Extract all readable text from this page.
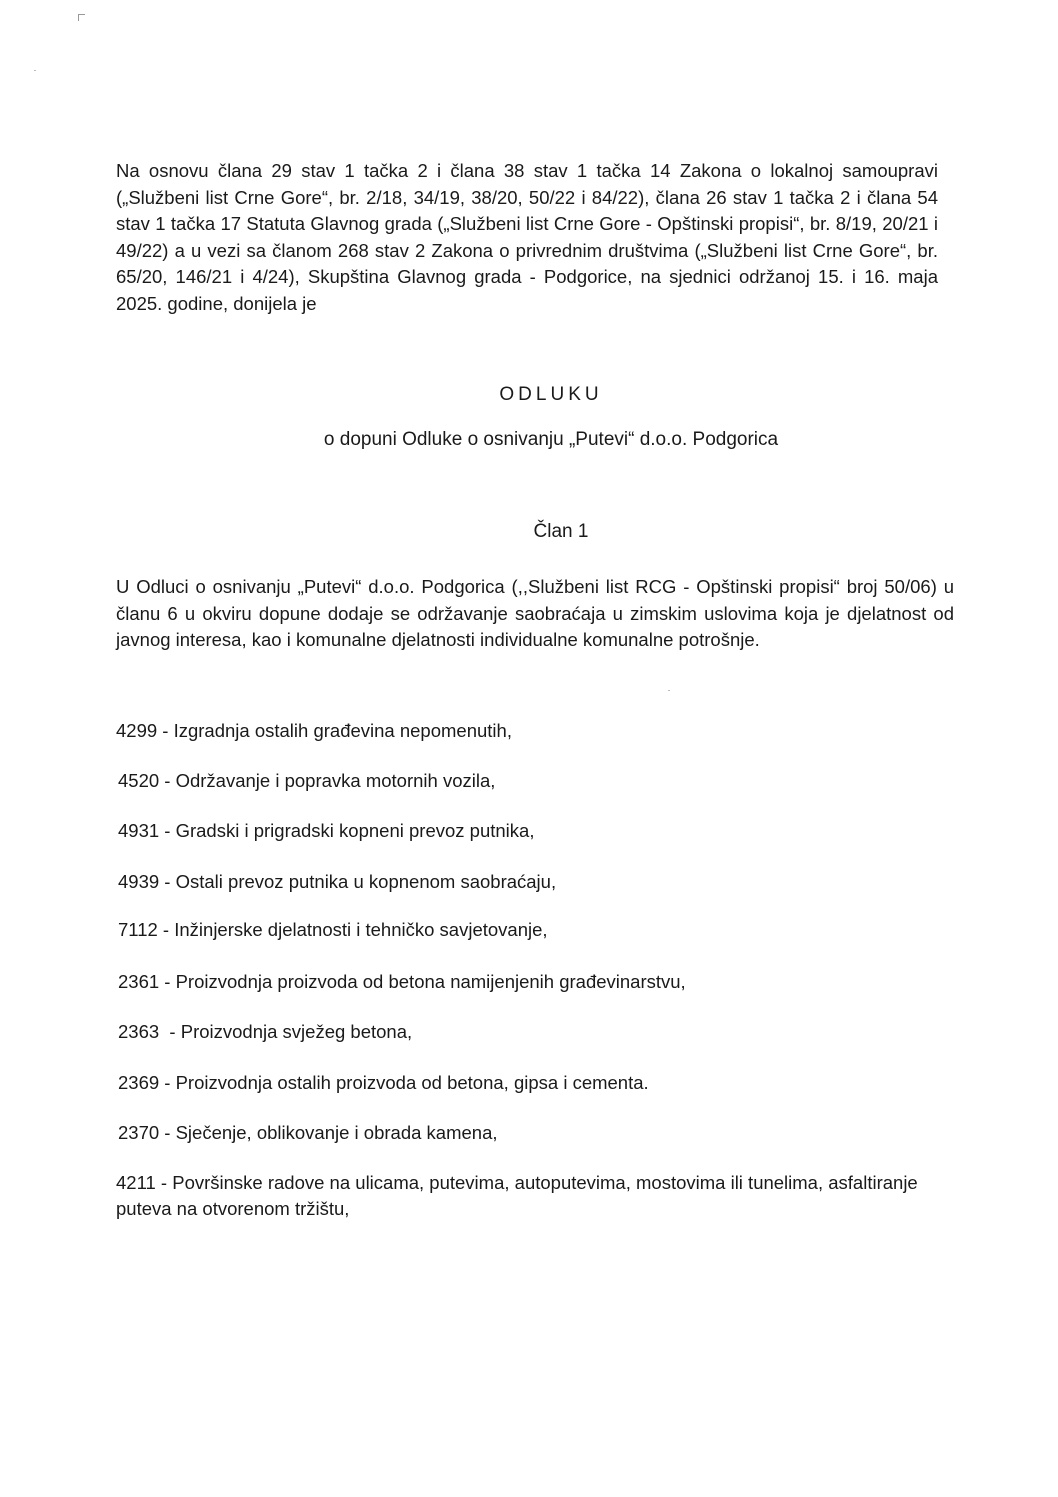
Na osnovu člana 29 stav 1 tačka 2 i člana 38 stav 1 tačka 14 Zakona o lokalnoj samoupravi („Službeni list Crne Gore“, br. 2/18, 34/19, 38/20, 50/22 i 84/22), člana 26 stav 1 tačka 2 i člana 54 stav 1 tačka 17 Statuta Glavnog grada („Službeni list Crne Gore - Opštinski propisi“, br. 8/19, 20/21 i 49/22) a u vezi sa članom 268 stav 2 Zakona o privrednim društvima („Službeni list Crne Gore“, br. 65/20, 146/21 i 4/24), Skupština Glavnog grada - Podgorice, na sjednici održanoj 15. i 16. maja 2025. godine, donijela je

ODLUKU
o dopuni Odluke o osnivanju „Putevi“ d.o.o. Podgorica
Član 1

U Odluci o osnivanju „Putevi“ d.o.o. Podgorica (,,Službeni list RCG - Opštinski propisi“ broj 50/06) u članu 6 u okviru dopune dodaje se održavanje saobraćaja u zimskim uslovima koja je djelatnost od javnog interesa, kao i komunalne djelatnosti individualne komunalne potrošnje.

4299 - Izgradnja ostalih građevina nepomenutih,
4520 - Održavanje i popravka motornih vozila,
4931 - Gradski i prigradski kopneni prevoz putnika,
4939 - Ostali prevoz putnika u kopnenom saobraćaju,
7112 - Inžinjerske djelatnosti i tehničko savjetovanje,
2361 - Proizvodnja proizvoda od betona namijenjenih građevinarstvu,
2363  - Proizvodnja svježeg betona,
2369 - Proizvodnja ostalih proizvoda od betona, gipsa i cementa.
2370 - Sječenje, oblikovanje i obrada kamena,
4211 - Površinske radove na ulicama, putevima, autoputevima, mostovima ili tunelima, asfaltiranje puteva na otvorenom tržištu,
